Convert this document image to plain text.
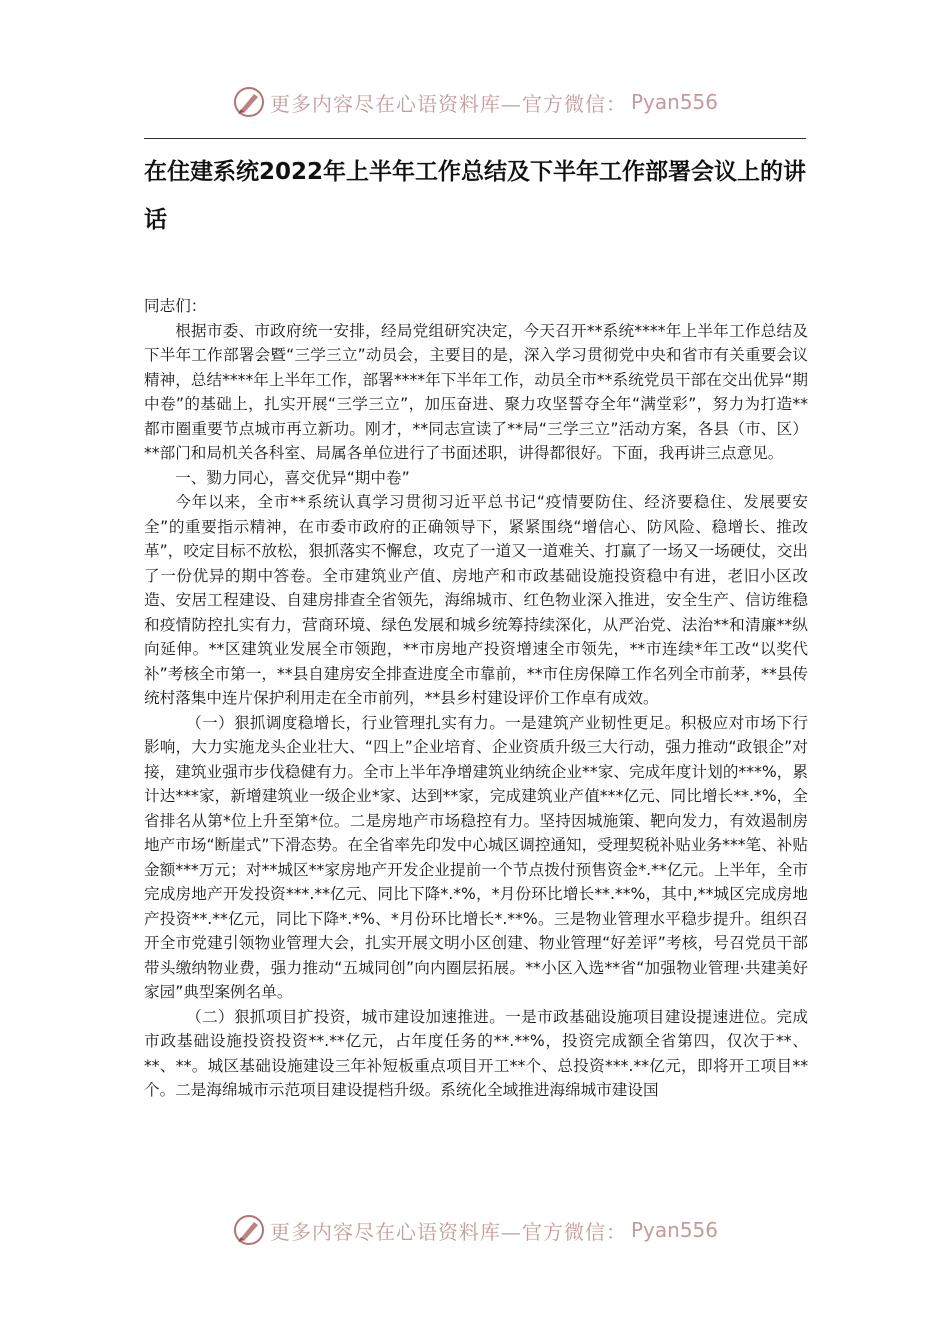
更多内容尽在心语资料库—官方微信： Pyan556
在住建系统2022年上半年工作总结及下半年工作部署会议上的讲话

同志们：

根据市委、市政府统一安排，经局党组研究决定，今天召开**系统****年上半年工作总结及下半年工作部署会暨“三学三立”动员会，主要目的是，深入学习贯彻党中央和省市有关重要会议精神，总结****年上半年工作，部署****年下半年工作，动员全市**系统党员干部在交出优异“期中卷”的基础上，扎实开展“三学三立”，加压奋进、聚力攻坚誓夺全年“满堂彩”，努力为打造**都市圈重要节点城市再立新功。刚才，**同志宣读了**局“三学三立”活动方案，各县（市、区）**部门和局机关各科室、局属各单位进行了书面述职，讲得都很好。下面，我再讲三点意见。

一、勠力同心，喜交优异“期中卷”

今年以来，全市**系统认真学习贯彻习近平总书记“疫情要防住、经济要稳住、发展要安全”的重要指示精神，在市委市政府的正确领导下，紧紧围绕“增信心、防风险、稳增长、推改革”，咬定目标不放松，狠抓落实不懈怠，攻克了一道又一道难关、打赢了一场又一场硬仗，交出了一份优异的期中答卷。全市建筑业产值、房地产和市政基础设施投资稳中有进，老旧小区改造、安居工程建设、自建房排查全省领先，海绵城市、红色物业深入推进，安全生产、信访维稳和疫情防控扎实有力，营商环境、绿色发展和城乡统筹持续深化，从严治党、法治**和清廉**纵向延伸。**区建筑业发展全市领跑，**市房地产投资增速全市领先，**市连续*年工改“以奖代补”考核全市第一，**县自建房安全排查进度全市靠前，**市住房保障工作名列全市前茅，**县传统村落集中连片保护利用走在全市前列，**县乡村建设评价工作卓有成效。

（一）狠抓调度稳增长，行业管理扎实有力。一是建筑产业韧性更足。积极应对市场下行影响，大力实施龙头企业壮大、“四上”企业培育、企业资质升级三大行动，强力推动“政银企”对接，建筑业强市步伐稳健有力。全市上半年净增建筑业纳统企业**家、完成年度计划的***%，累计达***家，新增建筑业一级企业*家、达到**家，完成建筑业产值***亿元、同比增长**.*%，全省排名从第*位上升至第*位。二是房地产市场稳控有力。坚持因城施策、靶向发力，有效遏制房地产市场“断崖式”下滑态势。在全省率先印发中心城区调控通知，受理契税补贴业务***笔、补贴金额***万元；对**城区**家房地产开发企业提前一个节点拨付预售资金*.**亿元。上半年，全市完成房地产开发投资***.**亿元、同比下降*.*%，*月份环比增长**.**%，其中,**城区完成房地产投资**.**亿元，同比下降*.*%、*月份环比增长*.**%。三是物业管理水平稳步提升。组织召开全市党建引领物业管理大会，扎实开展文明小区创建、物业管理“好差评”考核，号召党员干部带头缴纳物业费，强力推动“五城同创”向内圈层拓展。**小区入选**省“加强物业管理·共建美好家园”典型案例名单。

（二）狠抓项目扩投资，城市建设加速推进。一是市政基础设施项目建设提速进位。完成市政基础设施投资投资**.**亿元，占年度任务的**.**%，投资完成额全省第四，仅次于**、**、**。城区基础设施建设三年补短板重点项目开工**个、总投资***.**亿元，即将开工项目**个。二是海绵城市示范项目建设提档升级。系统化全域推进海绵城市建设国

更多内容尽在心语资料库—官方微信： Pyan556
